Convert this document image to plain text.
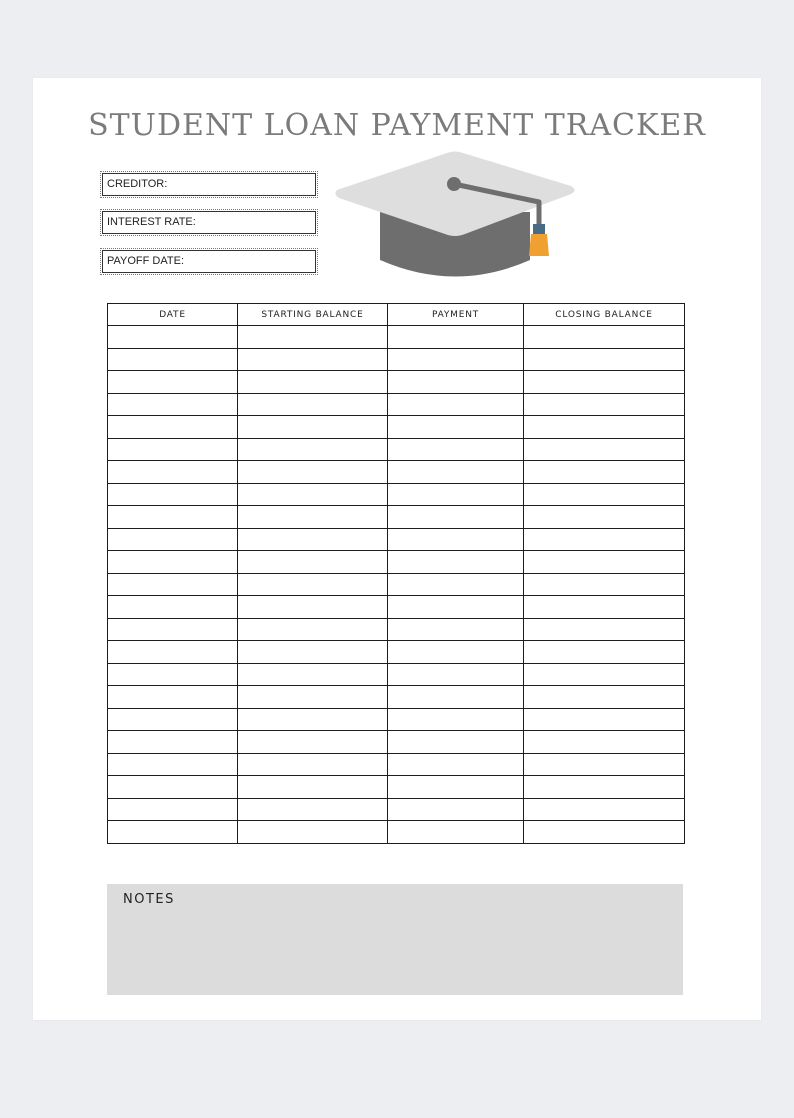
STUDENT LOAN PAYMENT TRACKER
CREDITOR:
INTEREST RATE:
PAYOFF DATE:
DATE	STARTING BALANCE	PAYMENT	CLOSING BALANCE

NOTES
